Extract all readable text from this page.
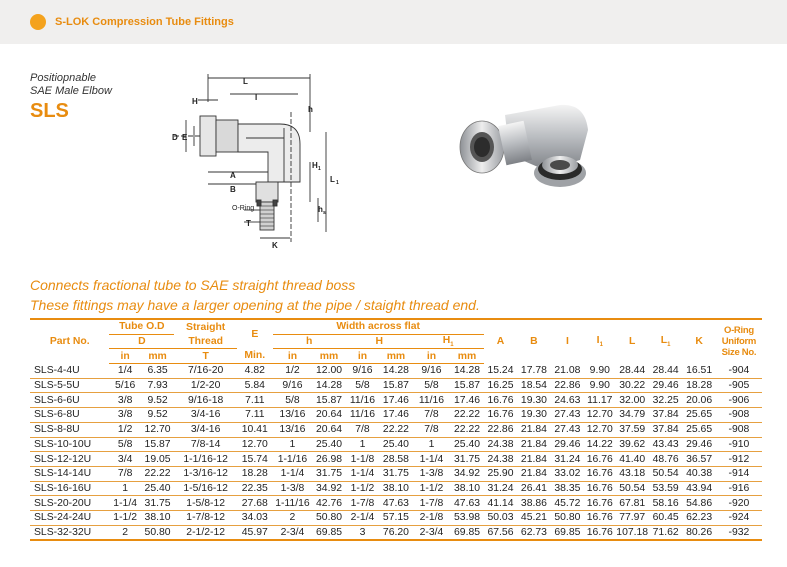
S-LOK Compression Tube Fittings
Positiopnable
SAE Male Elbow
SLS
L
I
H
h
D E
A
B
H 1
L 1
O-Ring
T
K
h s
Connects fractional tube to SAE straight thread boss
These fittings may have a larger opening at the pipe / staight thread end.
Part No.	Tube O.D		Straight	E	Width across flat						A	B	I	$I_1$	L	$L_1$	K	O-Ring
Uniform
Size No.

	D		Thread		h		H		$H_1$
	in	mm	T	Min.	in	mm	in	mm	in	mm								
SLS-4-4U	1/4	6.35	7/16-20	4.82	1/2	12.00	9/16	14.28	9/16	14.28	15.24	17.78	21.08	9.90	28.44	28.44	16.51	-904
SLS-5-5U	5/16	7.93	1/2-20	5.84	9/16	14.28	5/8	15.87	5/8	15.87	16.25	18.54	22.86	9.90	30.22	29.46	18.28	-905
SLS-6-6U	3/8	9.52	9/16-18	7.11	5/8	15.87	11/16	17.46	11/16	17.46	16.76	19.30	24.63	11.17	32.00	32.25	20.06	-906
SLS-6-8U	3/8	9.52	3/4-16	7.11	13/16	20.64	11/16	17.46	7/8	22.22	16.76	19.30	27.43	12.70	34.79	37.84	25.65	-908
SLS-8-8U	1/2	12.70	3/4-16	10.41	13/16	20.64	7/8	22.22	7/8	22.22	22.86	21.84	27.43	12.70	37.59	37.84	25.65	-908
SLS-10-10U	5/8	15.87	7/8-14	12.70	1	25.40	1	25.40	1	25.40	24.38	21.84	29.46	14.22	39.62	43.43	29.46	-910
SLS-12-12U	3/4	19.05	1-1/16-12	15.74	1-1/16	26.98	1-1/8	28.58	1-1/4	31.75	24.38	21.84	31.24	16.76	41.40	48.76	36.57	-912
SLS-14-14U	7/8	22.22	1-3/16-12	18.28	1-1/4	31.75	1-1/4	31.75	1-3/8	34.92	25.90	21.84	33.02	16.76	43.18	50.54	40.38	-914
SLS-16-16U	1	25.40	1-5/16-12	22.35	1-3/8	34.92	1-1/2	38.10	1-1/2	38.10	31.24	26.41	38.35	16.76	50.54	53.59	43.94	-916
SLS-20-20U	1-1/4	31.75	1-5/8-12	27.68	1-11/16	42.76	1-7/8	47.63	1-7/8	47.63	41.14	38.86	45.72	16.76	67.81	58.16	54.86	-920
SLS-24-24U	1-1/2	38.10	1-7/8-12	34.03	2	50.80	2-1/4	57.15	2-1/8	53.98	50.03	45.21	50.80	16.76	77.97	60.45	62.23	-924
SLS-32-32U	2	50.80	2-1/2-12	45.97	2-3/4	69.85	3	76.20	2-3/4	69.85	67.56	62.73	69.85	16.76	107.18	71.62	80.26	-932
